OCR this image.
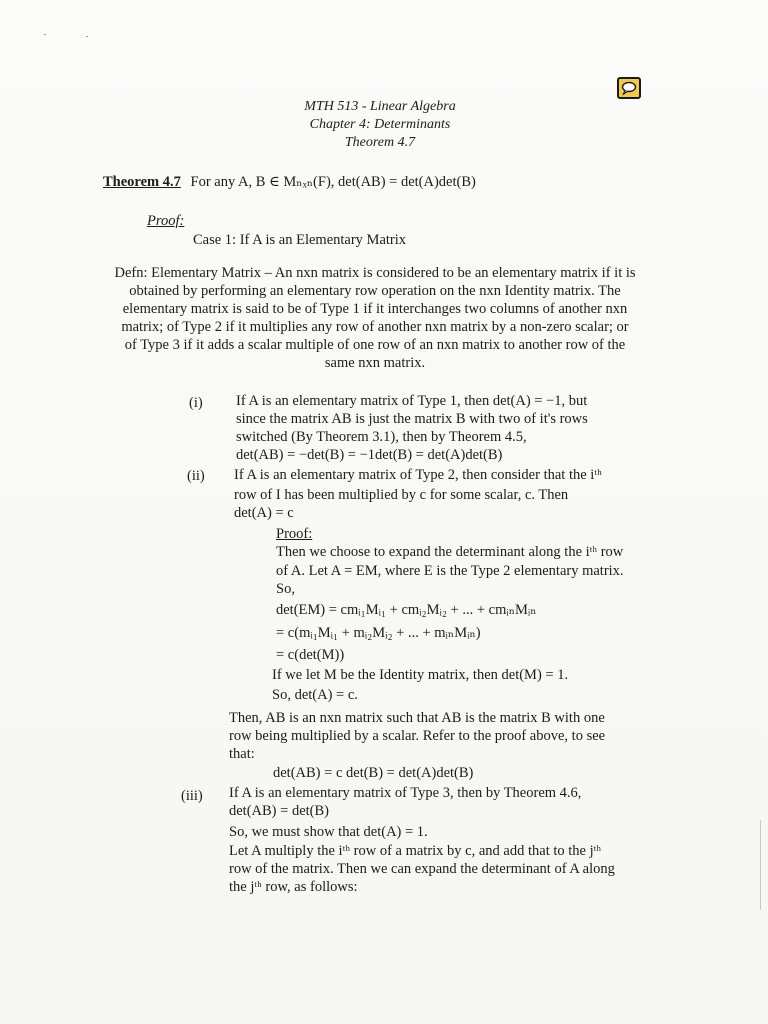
MTH 513 - Linear Algebra
Chapter 4: Determinants
Theorem 4.7
Theorem 4.7 For any A, B ∈ Mₙₓₙ(F), det(AB) = det(A)det(B)
Proof:
Case 1: If A is an Elementary Matrix
Defn: Elementary Matrix – An nxn matrix is considered to be an elementary matrix if it is
obtained by performing an elementary row operation on the nxn Identity matrix. The
elementary matrix is said to be of Type 1 if it interchanges two columns of another nxn
matrix; of Type 2 if it multiplies any row of another nxn matrix by a non-zero scalar; or
of Type 3 if it adds a scalar multiple of one row of an nxn matrix to another row of the
same nxn matrix.
(i) If A is an elementary matrix of Type 1, then det(A) = −1, but
since the matrix AB is just the matrix B with two of it's rows
switched (By Theorem 3.1), then by Theorem 4.5,
det(AB) = −det(B) = −1det(B) = det(A)det(B)
(ii) If A is an elementary matrix of Type 2, then consider that the iᵗʰ
row of I has been multiplied by c for some scalar, c. Then
det(A) = c
Proof:
Then we choose to expand the determinant along the iᵗʰ row
of A. Let A = EM, where E is the Type 2 elementary matrix.
So,
det(EM) = cmᵢ₁Mᵢ₁ + cmᵢ₂Mᵢ₂ + ... + cmᵢₙMᵢₙ
= c(mᵢ₁Mᵢ₁ + mᵢ₂Mᵢ₂ + ... + mᵢₙMᵢₙ)
= c(det(M))
If we let M be the Identity matrix, then det(M) = 1.
So, det(A) = c.
Then, AB is an nxn matrix such that AB is the matrix B with one
row being multiplied by a scalar. Refer to the proof above, to see
that:
det(AB) = c det(B) = det(A)det(B)
(iii) If A is an elementary matrix of Type 3, then by Theorem 4.6,
det(AB) = det(B)
So, we must show that det(A) = 1.
Let A multiply the iᵗʰ row of a matrix by c, and add that to the jᵗʰ
row of the matrix. Then we can expand the determinant of A along
the jᵗʰ row, as follows:
